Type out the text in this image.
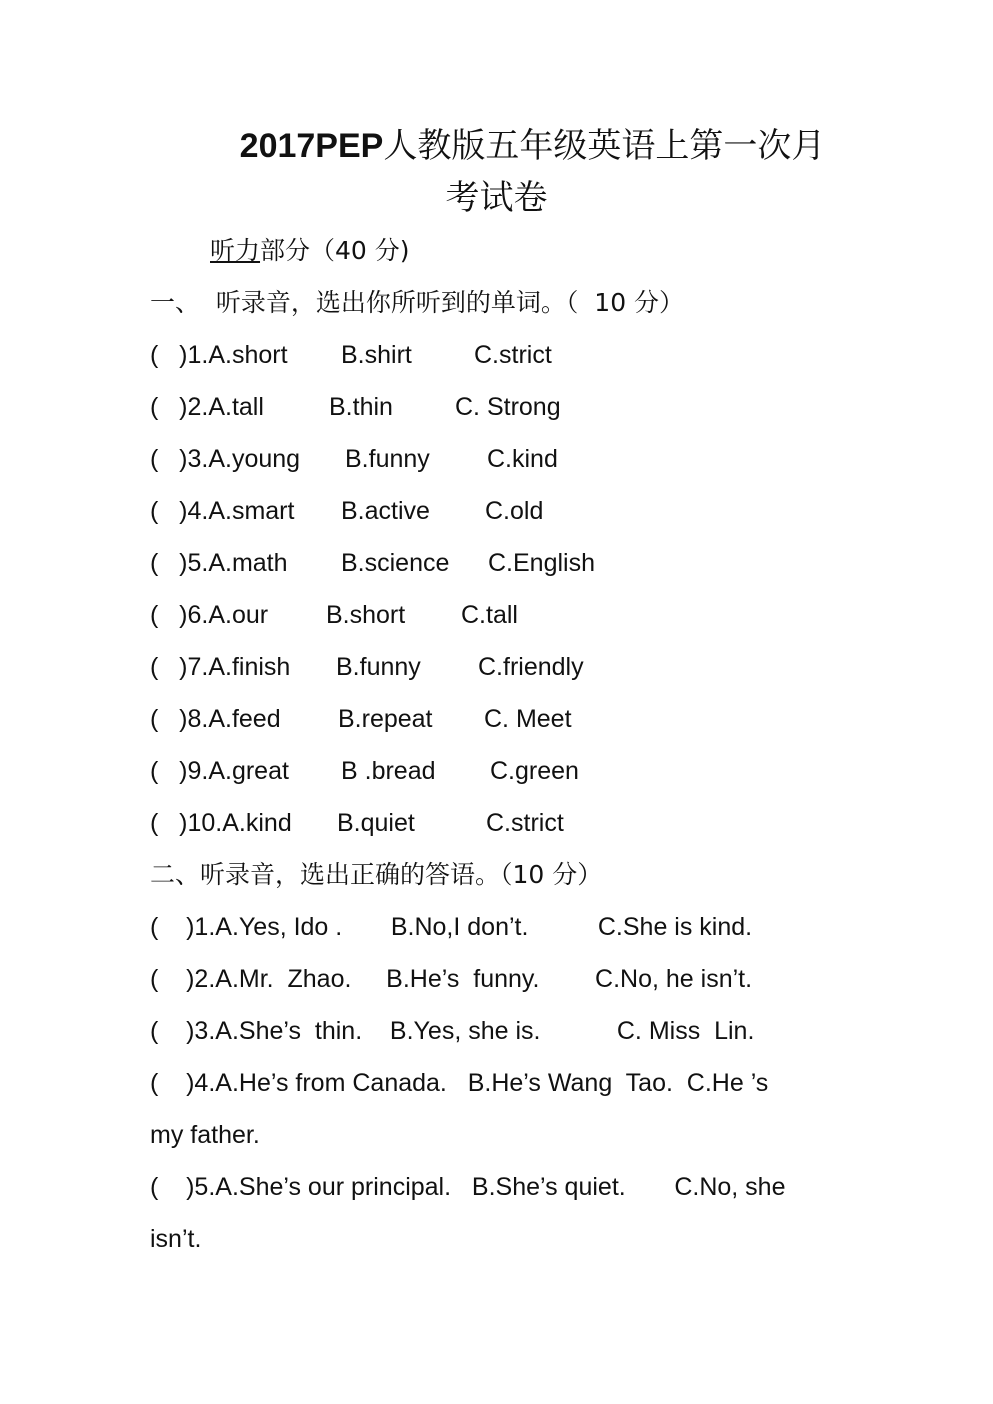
2017PEP人教版五年级英语上第一次月
考试卷
听力部分（40 分)
一、  听录音，选出你所听到的单词。（  10 分）
(   )1.A.short B.shirt C.strict
(   )2.A.tall	B.thin C. Strong
(   )3.A.young B.funny C.kind
(   )4.A.smart B.active C.old
(   )5.A.math B.science C.English
(   )6.A.our B.short C.tall
(   )7.A.finish B.funny C.friendly
(   )8.A.feed B.repeat C. Meet
(   )9.A.great B .bread C.green
(   )10.A.kind B.quiet	C.strict
二、听录音，选出正确的答语。（10 分）
(    )1.A.Yes, Ido .       B.No,I don’t.          C.She is kind.
(    )2.A.Mr.  Zhao.     B.He’s  funny.        C.No, he isn’t.
(    )3.A.She’s  thin.    B.Yes, she is.           C. Miss  Lin.
(    )4.A.He’s from Canada.   B.He’s Wang  Tao.  C.He ’s
my father.
(    )5.A.She’s our principal.   B.She’s quiet.       C.No, she
isn’t.
